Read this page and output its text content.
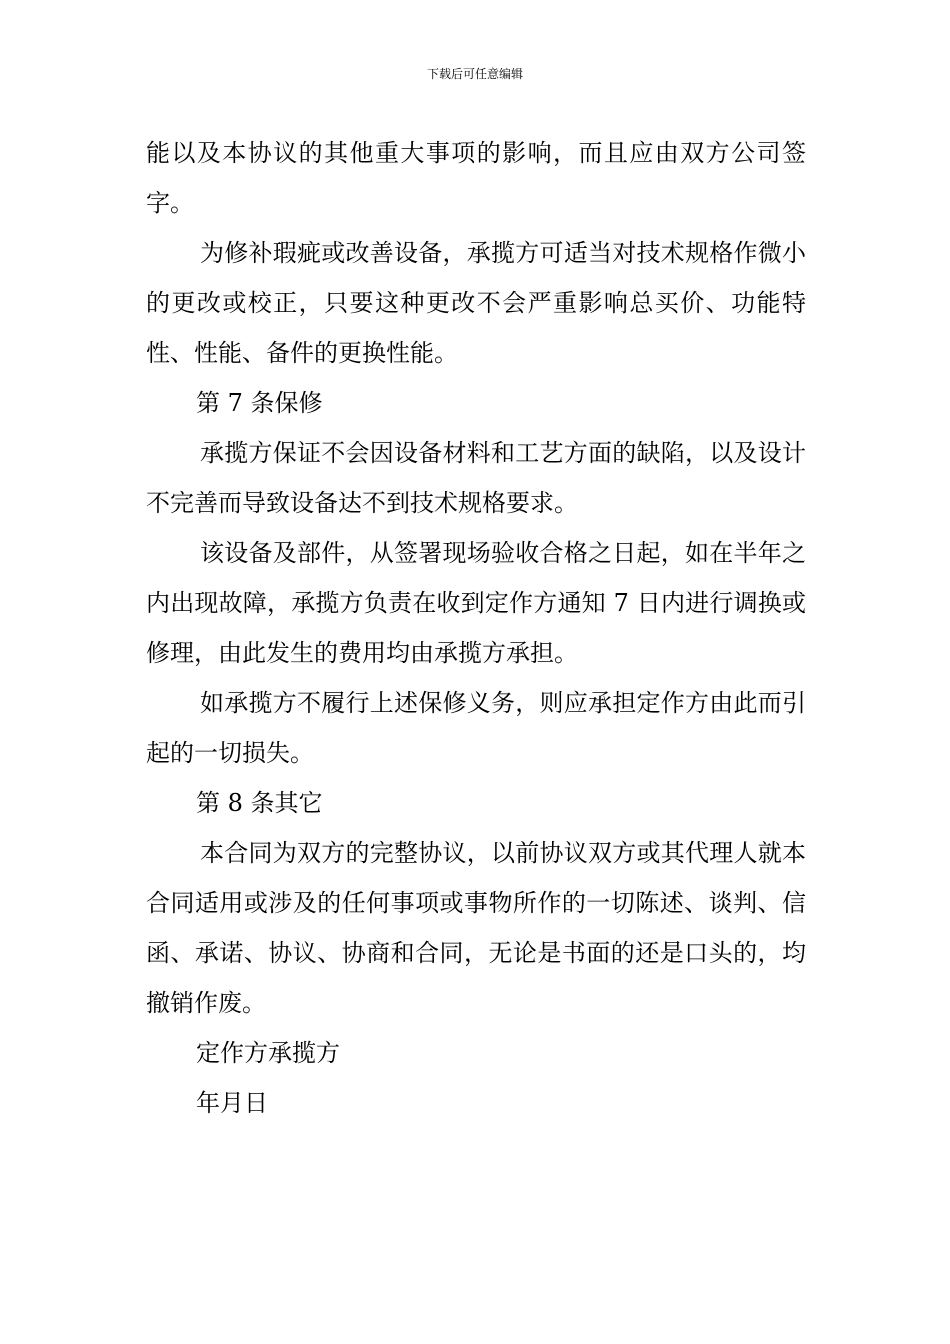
下载后可任意编辑

能以及本协议的其他重大事项的影响，而且应由双方公司签字。

为修补瑕疵或改善设备，承揽方可适当对技术规格作微小的更改或校正，只要这种更改不会严重影响总买价、功能特性、性能、备件的更换性能。

第 7 条保修

承揽方保证不会因设备材料和工艺方面的缺陷，以及设计不完善而导致设备达不到技术规格要求。

该设备及部件，从签署现场验收合格之日起，如在半年之内出现故障，承揽方负责在收到定作方通知 7 日内进行调换或修理，由此发生的费用均由承揽方承担。

如承揽方不履行上述保修义务，则应承担定作方由此而引起的一切损失。

第 8 条其它

本合同为双方的完整协议，以前协议双方或其代理人就本合同适用或涉及的任何事项或事物所作的一切陈述、谈判、信函、承诺、协议、协商和合同，无论是书面的还是口头的，均撤销作废。

定作方承揽方

年月日
